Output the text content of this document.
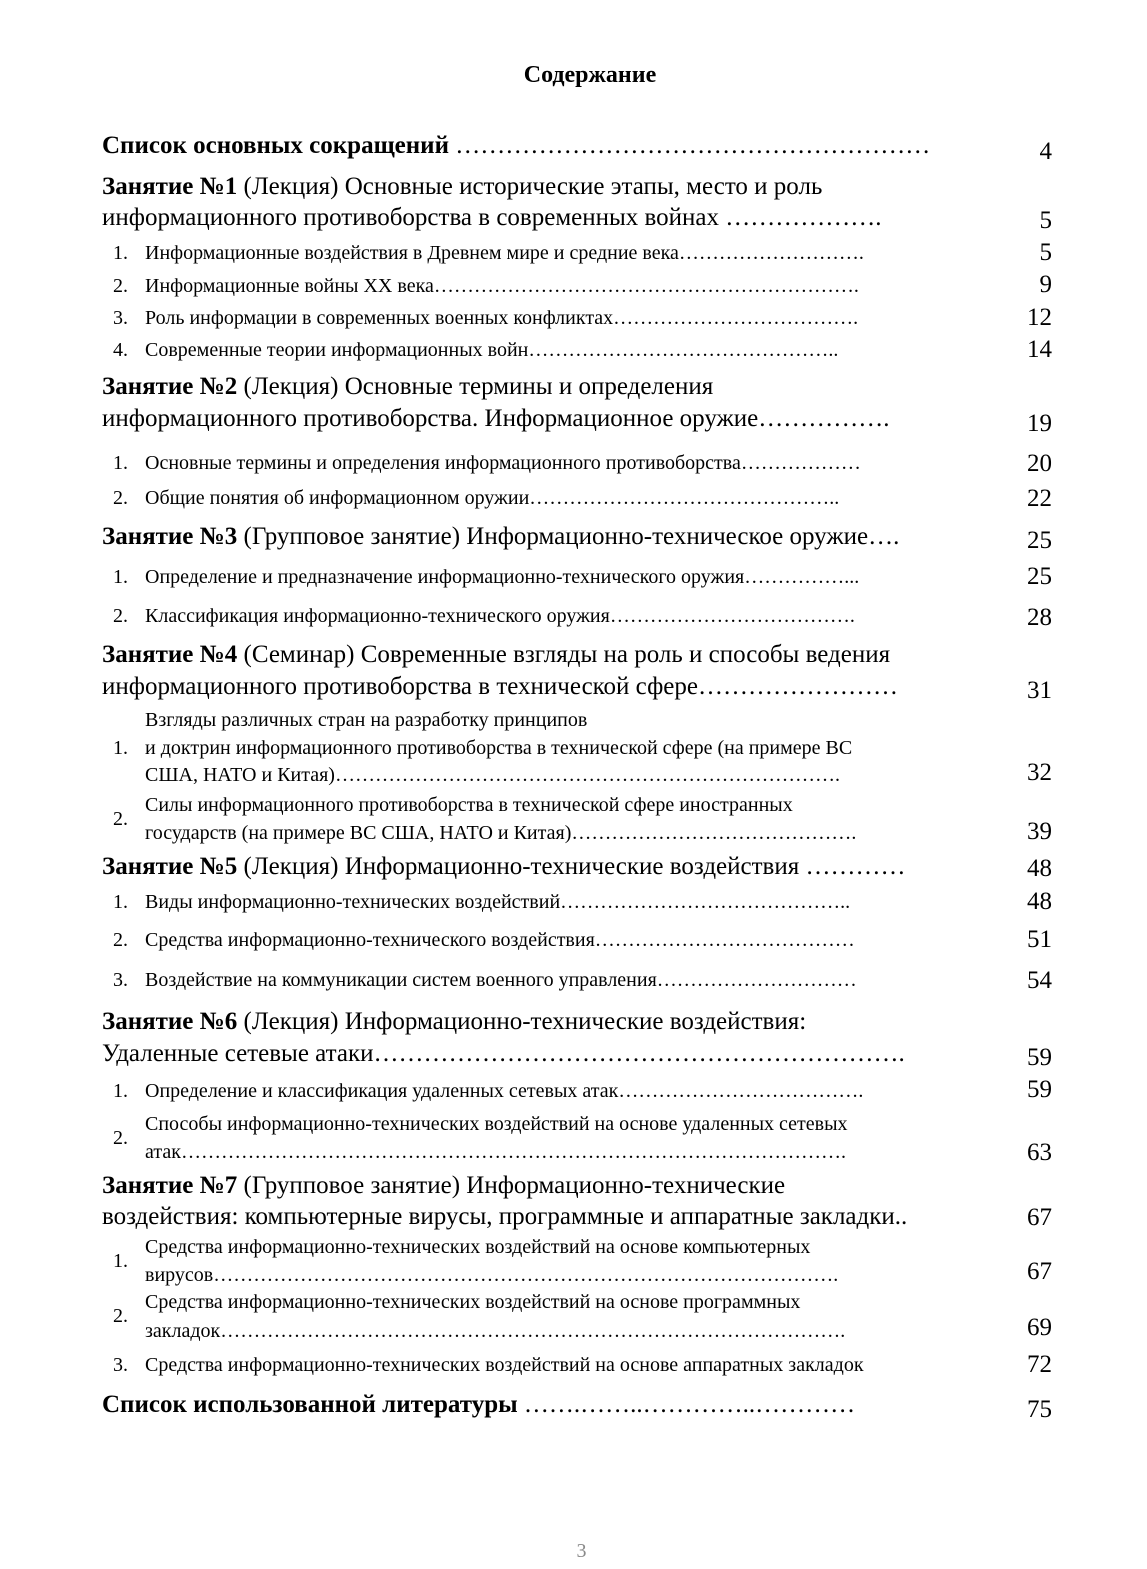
Содержание
Список основных сокращений …………………………………………………	4
Занятие №1 (Лекция) Основные исторические этапы, место и роль
информационного противоборства в современных войнах ……………….	5
1. Информационные воздействия в Древнем мире и средние века……………………….	5
2. Информационные войны XX века……………………………………………………….	9
3. Роль информации в современных военных конфликтах……………………………….	12
4. Современные теории информационных войн………………………………………..	14
Занятие №2 (Лекция) Основные термины и определения
информационного противоборства. Информационное оружие…………….	19
1. Основные термины и определения информационного противоборства………………	20
2. Общие понятия об информационном оружии………………………………………..	22
Занятие №3 (Групповое занятие) Информационно-техническое оружие….	25
1. Определение и предназначение информационно-технического оружия……………...	25
2. Классификация информационно-технического оружия……………………………….	28
Занятие №4 (Семинар) Современные взгляды на роль и способы ведения
информационного противоборства в технической сфере……………………	31
Взгляды различных стран на разработку принципов
1. и доктрин информационного противоборства в технической сфере (на примере ВС
США, НАТО и Китая)………………………………………………………………….	32
Силы информационного противоборства в технической сфере иностранных
2.
государств (на примере ВС США, НАТО и Китая)…………………………………….	39
Занятие №5 (Лекция) Информационно-технические воздействия …………	48
1. Виды информационно-технических воздействий……………………………………..	48
2. Средства информационно-технического воздействия…………………………………	51
3. Воздействие на коммуникации систем военного управления…………………………	54
Занятие №6 (Лекция) Информационно-технические воздействия:
Удаленные сетевые атаки……………………………………………………….	59
1. Определение и классификация удаленных сетевых атак……………………………….	59
Способы информационно-технических воздействий на основе удаленных сетевых
2.
атак……………………………………………………………………………………….	63
Занятие №7 (Групповое занятие) Информационно-технические
воздействия: компьютерные вирусы, программные и аппаратные закладки..	67
Средства информационно-технических воздействий на основе компьютерных
1.
вирусов………………………………………………………………………………….	67
Средства информационно-технических воздействий на основе программных
2.
закладок………………………………………………………………………………….	69
3. Средства информационно-технических воздействий на основе аппаратных закладок	72
Список использованной литературы …….……..…………..…………	75
3
